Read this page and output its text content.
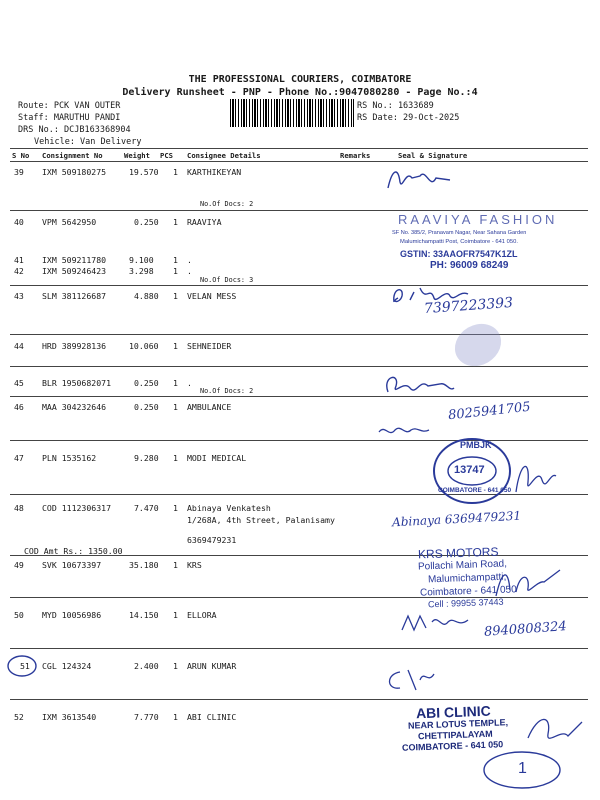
THE PROFESSIONAL COURIERS, COIMBATORE
Delivery Runsheet - PNP - Phone No.:9047080280 - Page No.:4
Route: PCK VAN OUTER
Staff: MARUTHU PANDI
DRS No.: DCJB163368904
Vehicle: Van Delivery
RS No.: 1633689
RS Date: 29-Oct-2025
S No Consignment No	Weight PCS Consignee Details	Remarks	Seal & Signature
39 IXM 509180275	19.570 1 KARTHIKEYAN
No.Of Docs: 2
40 VPM 5642950	0.250 1 RAAVIYA
41 IXM 509211780	9.100 1 .
42 IXM 509246423	3.298 1 .
No.Of Docs: 3
43 SLM 381126687	4.880 1 VELAN MESS
44 HRD 389928136	10.060 1 SEHNEIDER
45 BLR 1950682071	0.250 1 .
No.Of Docs: 2
46 MAA 304232646	0.250 1 AMBULANCE
47 PLN 1535162	9.280 1 MODI MEDICAL
48 COD 1112306317	7.470 1 Abinaya Venkatesh
1/268A, 4th Street, Palanisamy
6369479231
COD Amt Rs.: 1350.00
49 SVK 10673397	35.180 1 KRS
50 MYD 10056986	14.150 1 ELLORA
51 CGL 124324	2.400 1 ARUN KUMAR
52 IXM 3613540	7.770 1 ABI CLINIC
RAAVIYA FASHION
SF No. 385/2, Pranavam Nagar, Near Sahana Garden
Malumichampatti Post, Coimbatore - 641 050.
GSTIN: 33AAOFR7547K1ZL
PH: 96009 68249
7397223393
8025941705
PMBJK
13747
COIMBATORE - 641 050
Abinaya 6369479231
KRS MOTORS
Pollachi Main Road,
Malumichampatti,
Coimbatore - 641 050
Cell : 99955 37443
8940808324
ABI CLINIC
NEAR LOTUS TEMPLE,
CHETTIPALAYAM
COIMBATORE - 641 050
1
